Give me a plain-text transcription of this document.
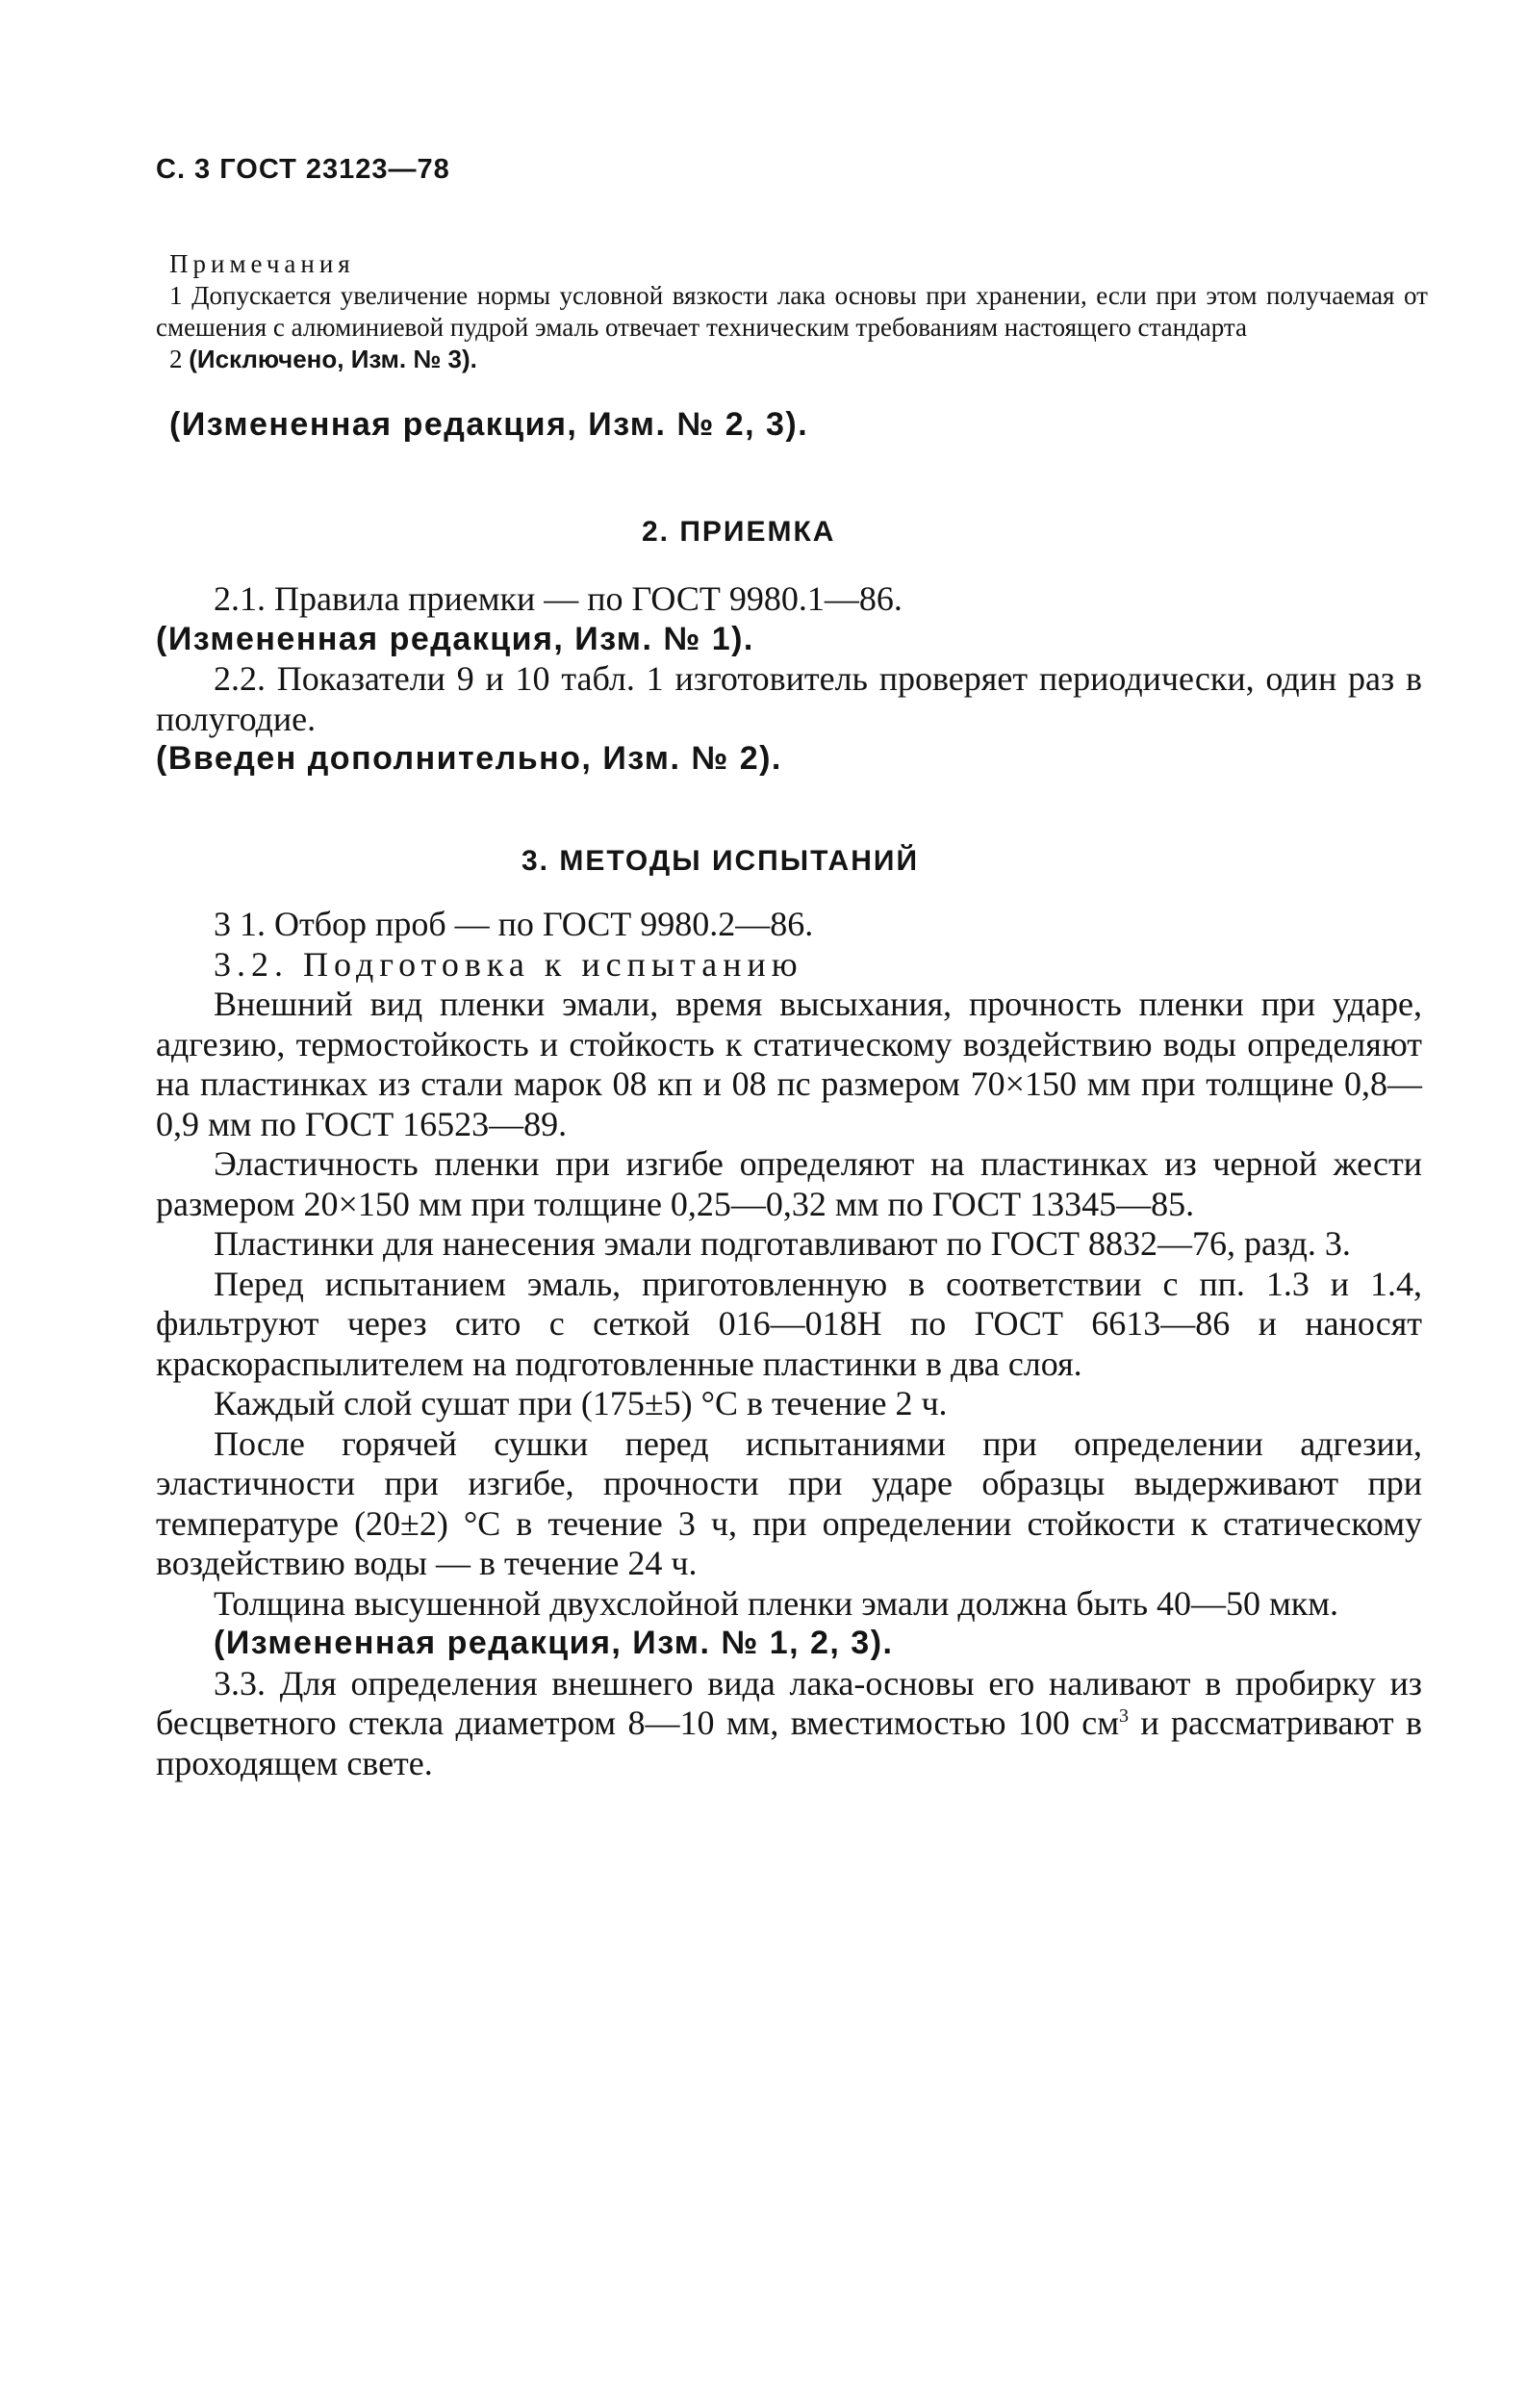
С. 3 ГОСТ 23123—78
Примечания
1 Допускается увеличение нормы условной вязкости лака основы при хранении, если при этом получаемая от смешения с алюминиевой пудрой эмаль отвечает техническим требованиям настоящего стандарта
2 (Исключено, Изм. № 3).
(Измененная редакция, Изм. № 2, 3).
2. ПРИЕМКА
2.1. Правила приемки — по ГОСТ 9980.1—86.
(Измененная редакция, Изм. № 1).
2.2. Показатели 9 и 10 табл. 1 изготовитель проверяет периодически, один раз в полугодие.
(Введен дополнительно, Изм. № 2).
3. МЕТОДЫ ИСПЫТАНИЙ
3 1. Отбор проб — по ГОСТ 9980.2—86.
3.2. Подготовка к испытанию
Внешний вид пленки эмали, время высыхания, прочность пленки при ударе, адгезию, термостойкость и стойкость к статическому воздействию воды определяют на пластинках из стали марок 08 кп и 08 пс размером 70×150 мм при толщине 0,8—0,9 мм по ГОСТ 16523—89.
Эластичность пленки при изгибе определяют на пластинках из черной жести размером 20×150 мм при толщине 0,25—0,32 мм по ГОСТ 13345—85.
Пластинки для нанесения эмали подготавливают по ГОСТ 8832—76, разд. 3.
Перед испытанием эмаль, приготовленную в соответствии с пп. 1.3 и 1.4, фильтруют через сито с сеткой 016—018Н по ГОСТ 6613—86 и наносят краскораспылителем на подготовленные пластинки в два слоя.
Каждый слой сушат при (175±5) °С в течение 2 ч.
После горячей сушки перед испытаниями при определении адгезии, эластичности при изгибе, прочности при ударе образцы выдерживают при температуре (20±2) °С в течение 3 ч, при определении стойкости к статическому воздействию воды — в течение 24 ч.
Толщина высушенной двухслойной пленки эмали должна быть 40—50 мкм.
(Измененная редакция, Изм. № 1, 2, 3).
3.3. Для определения внешнего вида лака-основы его наливают в пробирку из бесцветного стекла диаметром 8—10 мм, вместимостью 100 $см^3$ и рассматривают в проходящем свете.
